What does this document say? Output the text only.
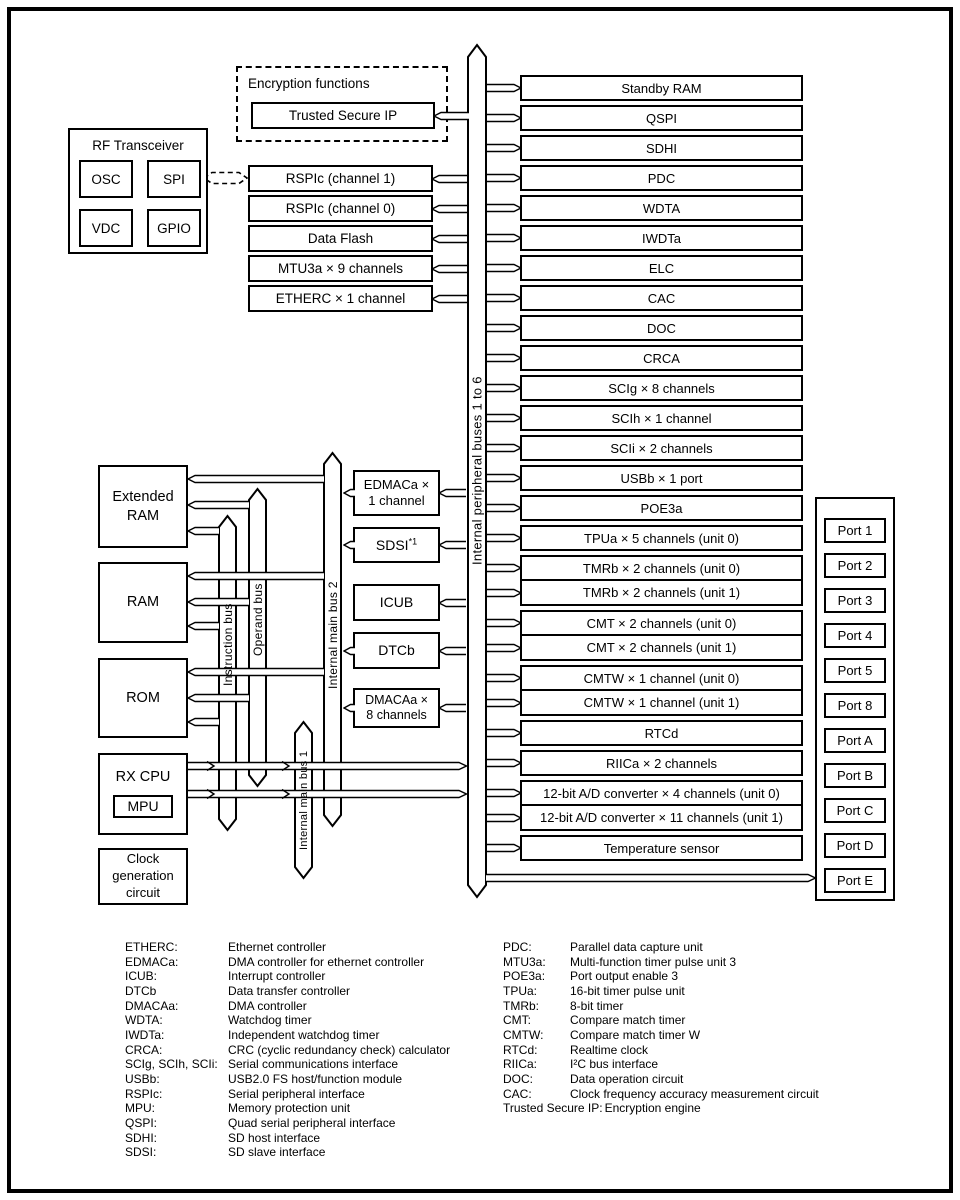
Instruction bus Operand bus
Internal main bus 1
Internal main bus 2
Internal peripheral buses 1 to 6
RF Transceiver
OSC	SPI
VDC	GPIO
Encryption functions
Trusted Secure IP
RSPIc (channel 1)
RSPIc (channel 0)
Data Flash
MTU3a × 9 channels
ETHERC × 1 channel
Extended RAM
RAM
ROM
RX CPU
MPU
Clock generation circuit
EDMACa ×
1 channel
SDSI$^{*1}$
ICUB
DTCb
DMACAa ×
8 channels
Standby RAM
QSPI
SDHI
PDC
WDTA
IWDTa
ELC
CAC
DOC
CRCA
SCIg × 8 channels
SCIh × 1 channel
SCIi × 2 channels
USBb × 1 port
POE3a
TPUa × 5 channels (unit 0)
TMRb × 2 channels (unit 0)
TMRb × 2 channels (unit 1)
CMT × 2 channels (unit 0)
CMT × 2 channels (unit 1)
CMTW × 1 channel (unit 0)
CMTW × 1 channel (unit 1)
RTCd
RIICa × 2 channels
12-bit A/D converter × 4 channels (unit 0)
12-bit A/D converter × 11 channels (unit 1)
Temperature sensor
Port 1
Port 2
Port 3
Port 4
Port 5
Port 8
Port A
Port B
Port C
Port D
Port E
ETHERC:	Ethernet controller
EDMACa:	DMA controller for ethernet controller
ICUB:	Interrupt controller
DTCb	Data transfer controller
DMACAa:	DMA controller
WDTA:	Watchdog timer
IWDTa:	Independent watchdog timer
CRCA:	CRC (cyclic redundancy check) calculator
SCIg, SCIh, SCIi: Serial communications interface
USBb:	USB2.0 FS host/function module
RSPIc:	Serial peripheral interface
MPU:	Memory protection unit
QSPI:	Quad serial peripheral interface
SDHI:	SD host interface
SDSI:	SD slave interface
PDC:	Parallel data capture unit
MTU3a:	Multi-function timer pulse unit 3
POE3a:	Port output enable 3
TPUa:	16-bit timer pulse unit
TMRb:	8-bit timer
CMT:	Compare match timer
CMTW:	Compare match timer W
RTCd:	Realtime clock
RIICa:	I²C bus interface
DOC:	Data operation circuit
CAC:	Clock frequency accuracy measurement circuit
Trusted Secure IP: Encryption engine
